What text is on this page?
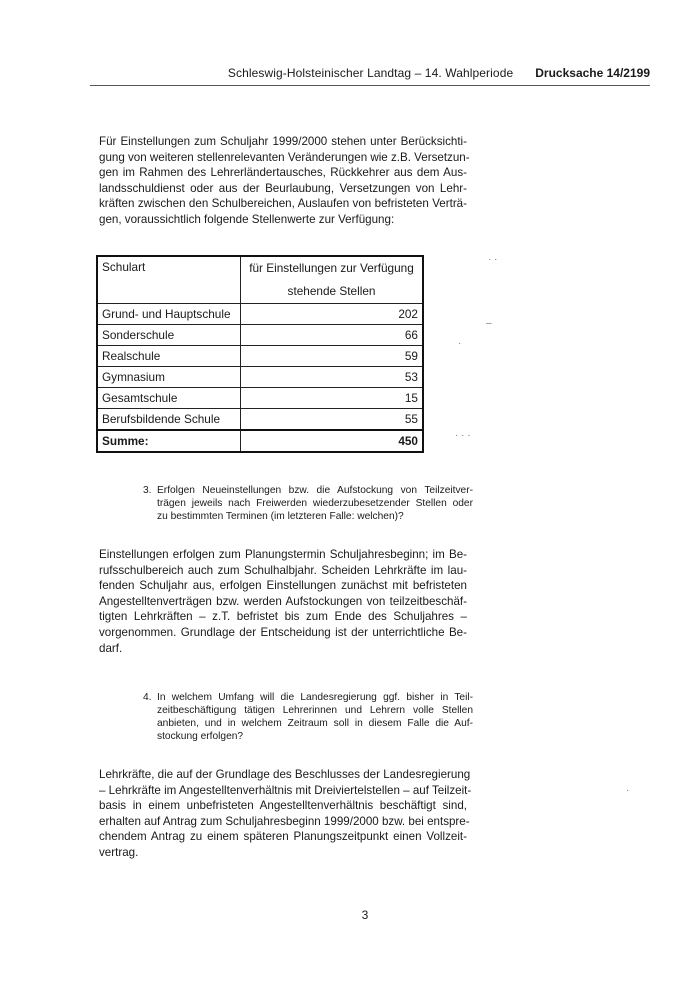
Schleswig-Holsteinischer Landtag – 14. Wahlperiode Drucksache 14/2199

Für Einstellungen zum Schuljahr 1999/2000 stehen unter Berücksichti-
gung von weiteren stellenrelevanten Veränderungen wie z.B. Versetzun-
gen im Rahmen des Lehrerländertausches, Rückkehrer aus dem Aus-
landsschuldienst oder aus der Beurlaubung, Versetzungen von Lehr-
kräften zwischen den Schulbereichen, Auslaufen von befristeten Verträ-
gen, voraussichtlich folgende Stellenwerte zur Verfügung:

Schulart	für Einstellungen zur Verfügung
stehende Stellen

Grund- und Hauptschule	202
Sonderschule	66
Realschule	59
Gymnasium	53
Gesamtschule	15
Berufsbildende Schule	55
Summe:	450
3. Erfolgen Neueinstellungen bzw. die Aufstockung von Teilzeitver-
trägen jeweils nach Freiwerden wiederzubesetzender Stellen oder
zu bestimmten Terminen (im letzteren Falle: welchen)?

Einstellungen erfolgen zum Planungstermin Schuljahresbeginn; im Be-
rufsschulbereich auch zum Schulhalbjahr. Scheiden Lehrkräfte im lau-
fenden Schuljahr aus, erfolgen Einstellungen zunächst mit befristeten
Angestelltenverträgen bzw. werden Aufstockungen von teilzeitbeschäf-
tigten Lehrkräften – z.T. befristet bis zum Ende des Schuljahres –
vorgenommen. Grundlage der Entscheidung ist der unterrichtliche Be-
darf.

4. In welchem Umfang will die Landesregierung ggf. bisher in Teil-
zeitbeschäftigung tätigen Lehrerinnen und Lehrern volle Stellen
anbieten, und in welchem Zeitraum soll in diesem Falle die Auf-
stockung erfolgen?

Lehrkräfte, die auf der Grundlage des Beschlusses der Landesregierung
– Lehrkräfte im Angestelltenverhältnis mit Dreiviertelstellen – auf Teilzeit-
basis in einem unbefristeten Angestelltenverhältnis beschäftigt sind,
erhalten auf Antrag zum Schuljahresbeginn 1999/2000 bzw. bei entspre-
chendem Antrag zu einem späteren Planungszeitpunkt einen Vollzeit-
vertrag.

3
· ·
–
·
· · ·
·
